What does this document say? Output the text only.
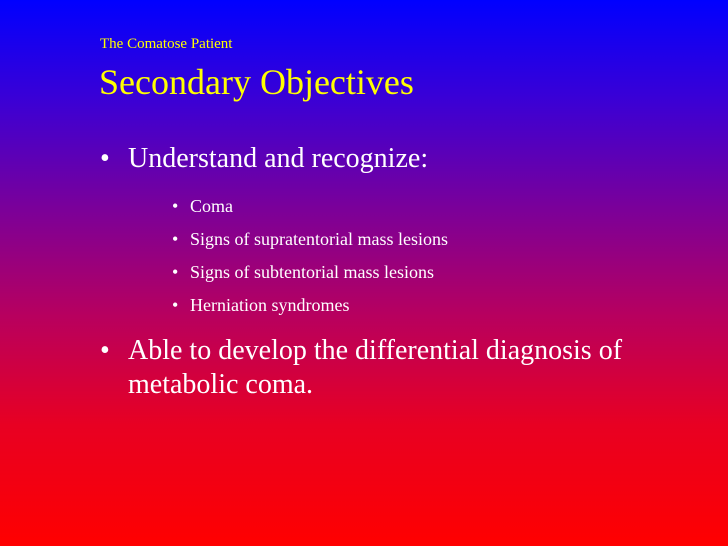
The Comatose Patient
Secondary Objectives
• Understand and recognize:
• Coma
• Signs of supratentorial mass lesions
• Signs of subtentorial mass lesions
• Herniation syndromes
• Able to develop the differential diagnosis of metabolic coma.
